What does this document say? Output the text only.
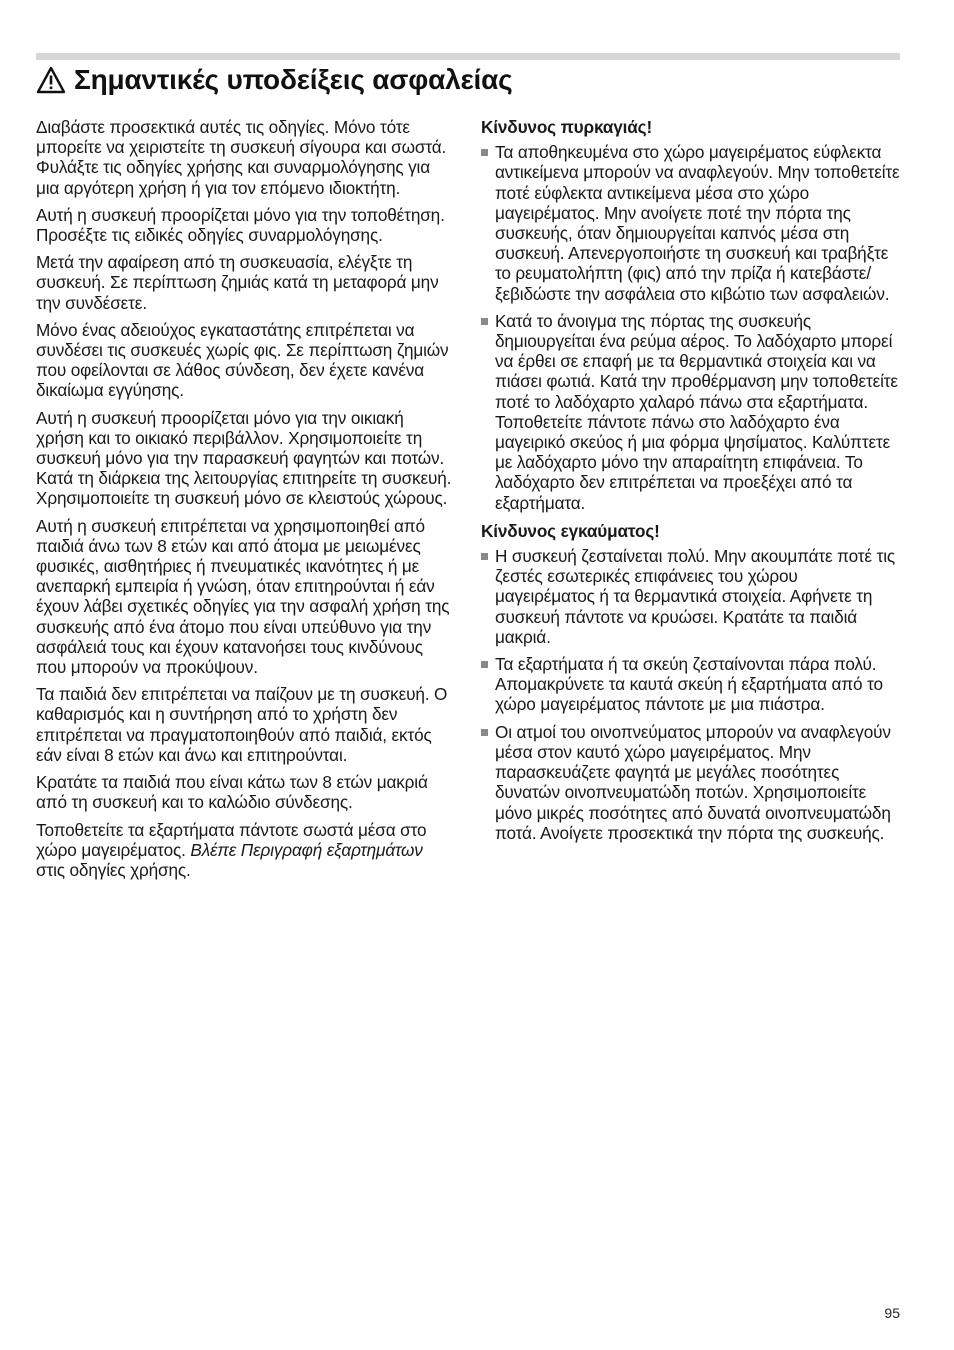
Σημαντικές υποδείξεις ασφαλείας

Διαβάστε προσεκτικά αυτές τις οδηγίες. Μόνο τότε μπορείτε να χειριστείτε τη συσκευή σίγουρα και σωστά. Φυλάξτε τις οδηγίες χρήσης και συναρμολόγησης για μια αργότερη χρήση ή για τον επόμενο ιδιοκτήτη.

Αυτή η συσκευή προορίζεται μόνο για την τοποθέτηση. Προσέξτε τις ειδικές οδηγίες συναρμολόγησης.

Μετά την αφαίρεση από τη συσκευασία, ελέγξτε τη συσκευή. Σε περίπτωση ζημιάς κατά τη μεταφορά μην την συνδέσετε.

Μόνο ένας αδειούχος εγκαταστάτης επιτρέπεται να συνδέσει τις συσκευές χωρίς φις. Σε περίπτωση ζημιών που οφείλονται σε λάθος σύνδεση, δεν έχετε κανένα δικαίωμα εγγύησης.

Αυτή η συσκευή προορίζεται μόνο για την οικιακή χρήση και το οικιακό περιβάλλον. Χρησιμοποιείτε τη συσκευή μόνο για την παρασκευή φαγητών και ποτών. Κατά τη διάρκεια της λειτουργίας επιτηρείτε τη συσκευή. Χρησιμοποιείτε τη συσκευή μόνο σε κλειστούς χώρους.

Αυτή η συσκευή επιτρέπεται να χρησιμοποιηθεί από παιδιά άνω των 8 ετών και από άτομα με μειωμένες φυσικές, αισθητήριες ή πνευματικές ικανότητες ή με ανεπαρκή εμπειρία ή γνώση, όταν επιτηρούνται ή εάν έχουν λάβει σχετικές οδηγίες για την ασφαλή χρήση της συσκευής από ένα άτομο που είναι υπεύθυνο για την ασφάλειά τους και έχουν κατανοήσει τους κινδύνους που μπορούν να προκύψουν.

Τα παιδιά δεν επιτρέπεται να παίζουν με τη συσκευή. Ο καθαρισμός και η συντήρηση από το χρήστη δεν επιτρέπεται να πραγματοποιηθούν από παιδιά, εκτός εάν είναι 8 ετών και άνω και επιτηρούνται.

Κρατάτε τα παιδιά που είναι κάτω των 8 ετών μακριά από τη συσκευή και το καλώδιο σύνδεσης.

Τοποθετείτε τα εξαρτήματα πάντοτε σωστά μέσα στο χώρο μαγειρέματος. Βλέπε Περιγραφή εξαρτημάτων στις οδηγίες χρήσης.

Κίνδυνος πυρκαγιάς!
Τα αποθηκευμένα στο χώρο μαγειρέματος εύφλεκτα αντικείμενα μπορούν να αναφλεγούν. Μην τοποθετείτε ποτέ εύφλεκτα αντικείμενα μέσα στο χώρο μαγειρέματος. Μην ανοίγετε ποτέ την πόρτα της συσκευής, όταν δημιουργείται καπνός μέσα στη συσκευή. Απενεργοποιήστε τη συσκευή και τραβήξτε το ρευματολήπτη (φις) από την πρίζα ή κατεβάστε/ξεβιδώστε την ασφάλεια στο κιβώτιο των ασφαλειών.
Κατά το άνοιγμα της πόρτας της συσκευής δημιουργείται ένα ρεύμα αέρος. Το λαδόχαρτο μπορεί να έρθει σε επαφή με τα θερμαντικά στοιχεία και να πιάσει φωτιά. Κατά την προθέρμανση μην τοποθετείτε ποτέ το λαδόχαρτο χαλαρό πάνω στα εξαρτήματα. Τοποθετείτε πάντοτε πάνω στο λαδόχαρτο ένα μαγειρικό σκεύος ή μια φόρμα ψησίματος. Καλύπτετε με λαδόχαρτο μόνο την απαραίτητη επιφάνεια. Το λαδόχαρτο δεν επιτρέπεται να προεξέχει από τα εξαρτήματα.
Κίνδυνος εγκαύματος!
Η συσκευή ζεσταίνεται πολύ. Μην ακουμπάτε ποτέ τις ζεστές εσωτερικές επιφάνειες του χώρου μαγειρέματος ή τα θερμαντικά στοιχεία. Αφήνετε τη συσκευή πάντοτε να κρυώσει. Κρατάτε τα παιδιά μακριά.
Τα εξαρτήματα ή τα σκεύη ζεσταίνονται πάρα πολύ. Απομακρύνετε τα καυτά σκεύη ή εξαρτήματα από το χώρο μαγειρέματος πάντοτε με μια πιάστρα.
Οι ατμοί του οινοπνεύματος μπορούν να αναφλεγούν μέσα στον καυτό χώρο μαγειρέματος. Μην παρασκευάζετε φαγητά με μεγάλες ποσότητες δυνατών οινοπνευματώδη ποτών. Χρησιμοποιείτε μόνο μικρές ποσότητες από δυνατά οινοπνευματώδη ποτά. Ανοίγετε προσεκτικά την πόρτα της συσκευής.
95
